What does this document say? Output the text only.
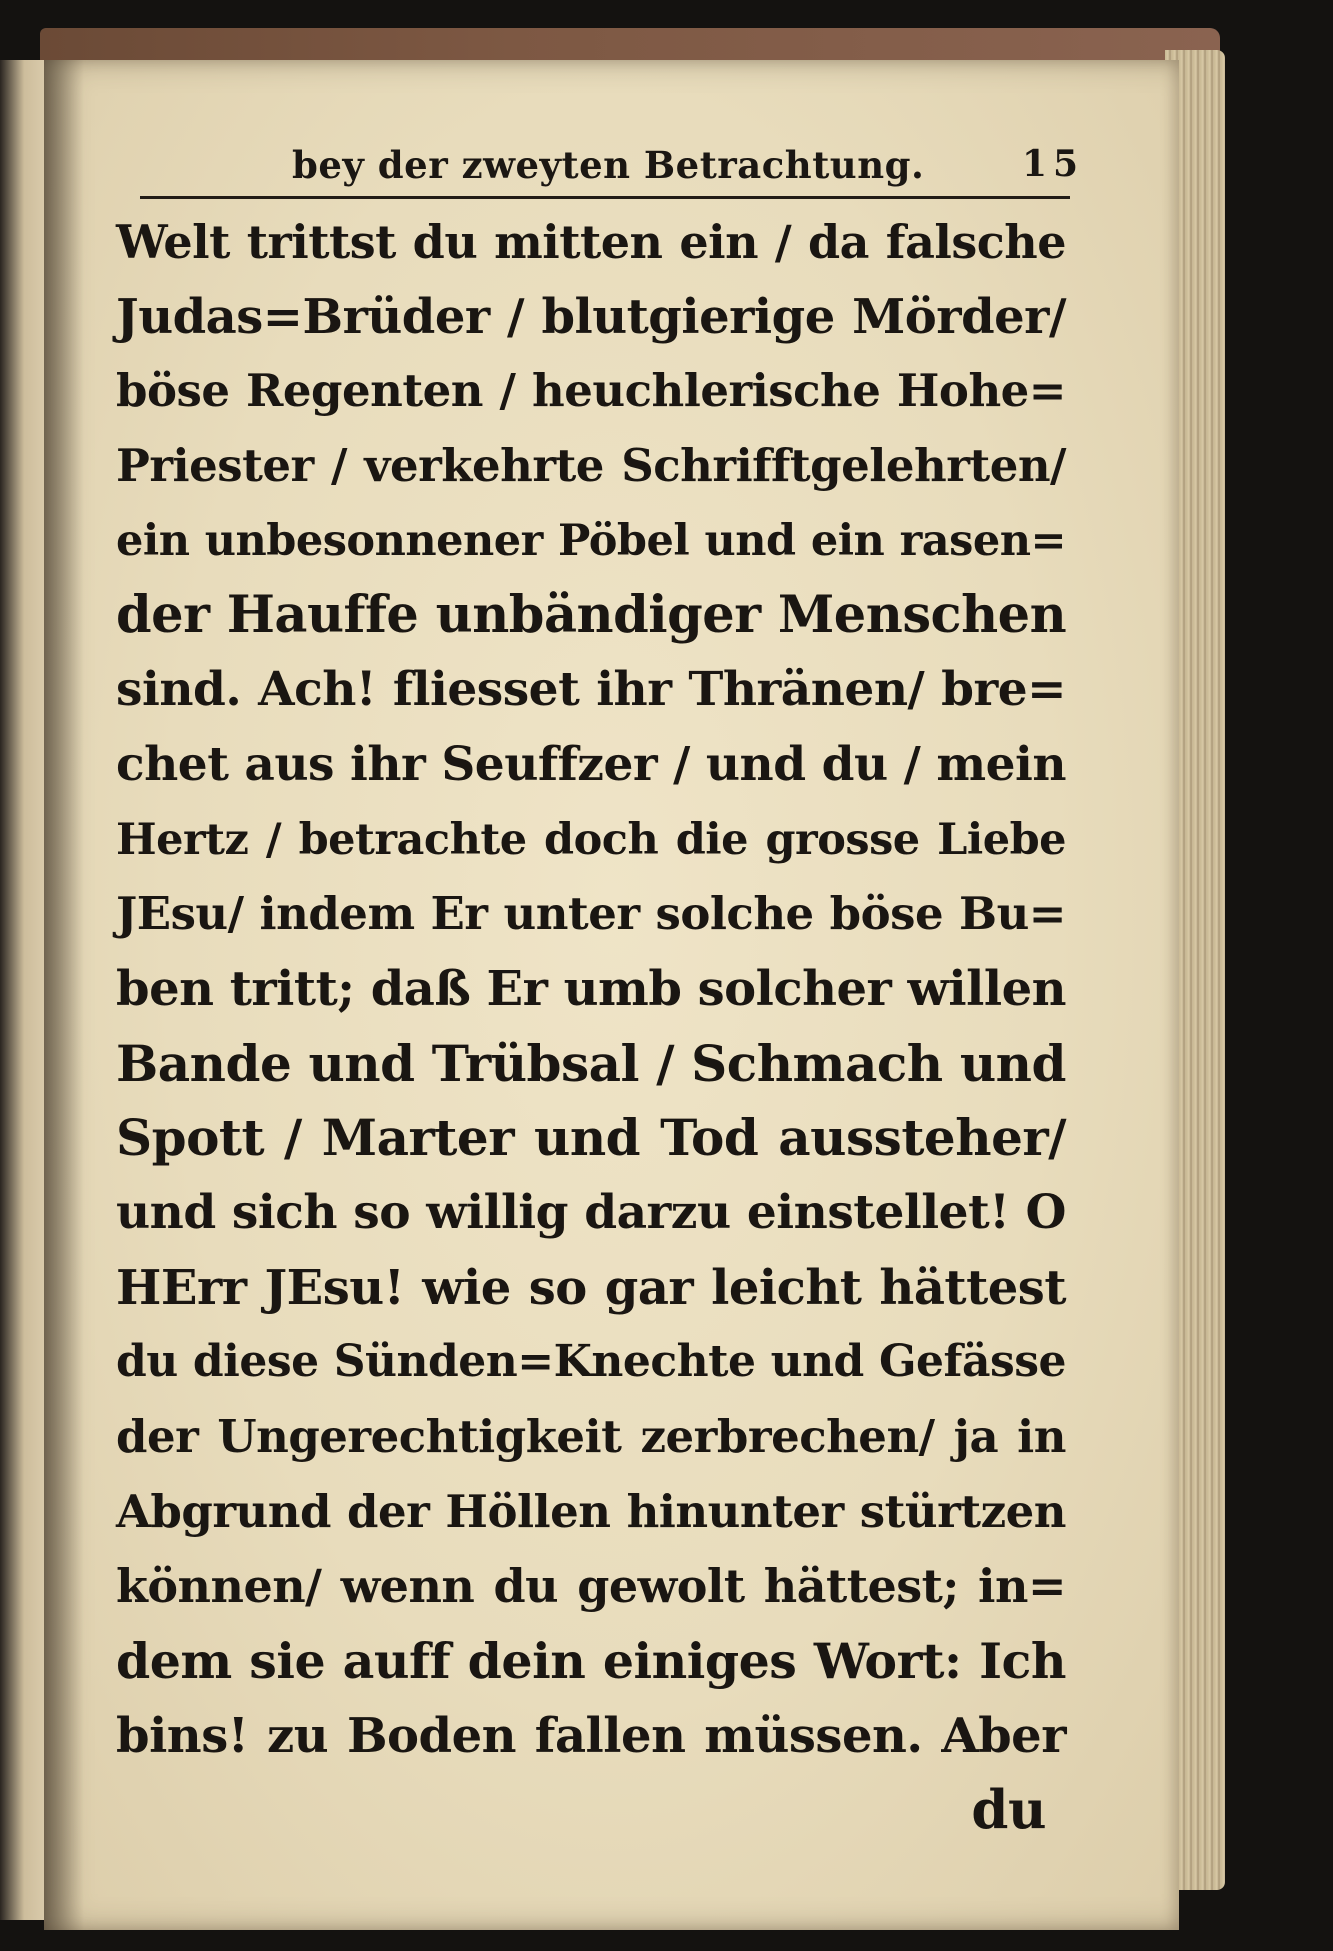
bey der zweyten Betrachtung.	15
Welt trittst du mitten ein / da falsche
Judas=Brüder / blutgierige Mörder/
böse Regenten / heuchlerische Hohe=
Priester / verkehrte Schrifftgelehrten/
ein unbesonnener Pöbel und ein rasen=
der Hauffe unbändiger Menschen
sind. Ach! fliesset ihr Thränen/ bre=
chet aus ihr Seuffzer / und du / mein
Hertz / betrachte doch die grosse Liebe
JEsu/ indem Er unter solche böse Bu=
ben tritt; daß Er umb solcher willen
Bande und Trübsal / Schmach und
Spott / Marter und Tod aussteher/
und sich so willig darzu einstellet! O
HErr JEsu! wie so gar leicht hättest
du diese Sünden=Knechte und Gefässe
der Ungerechtigkeit zerbrechen/ ja in
Abgrund der Höllen hinunter stürtzen
können/ wenn du gewolt hättest; in=
dem sie auff dein einiges Wort: Ich
bins! zu Boden fallen müssen. Aber
du
